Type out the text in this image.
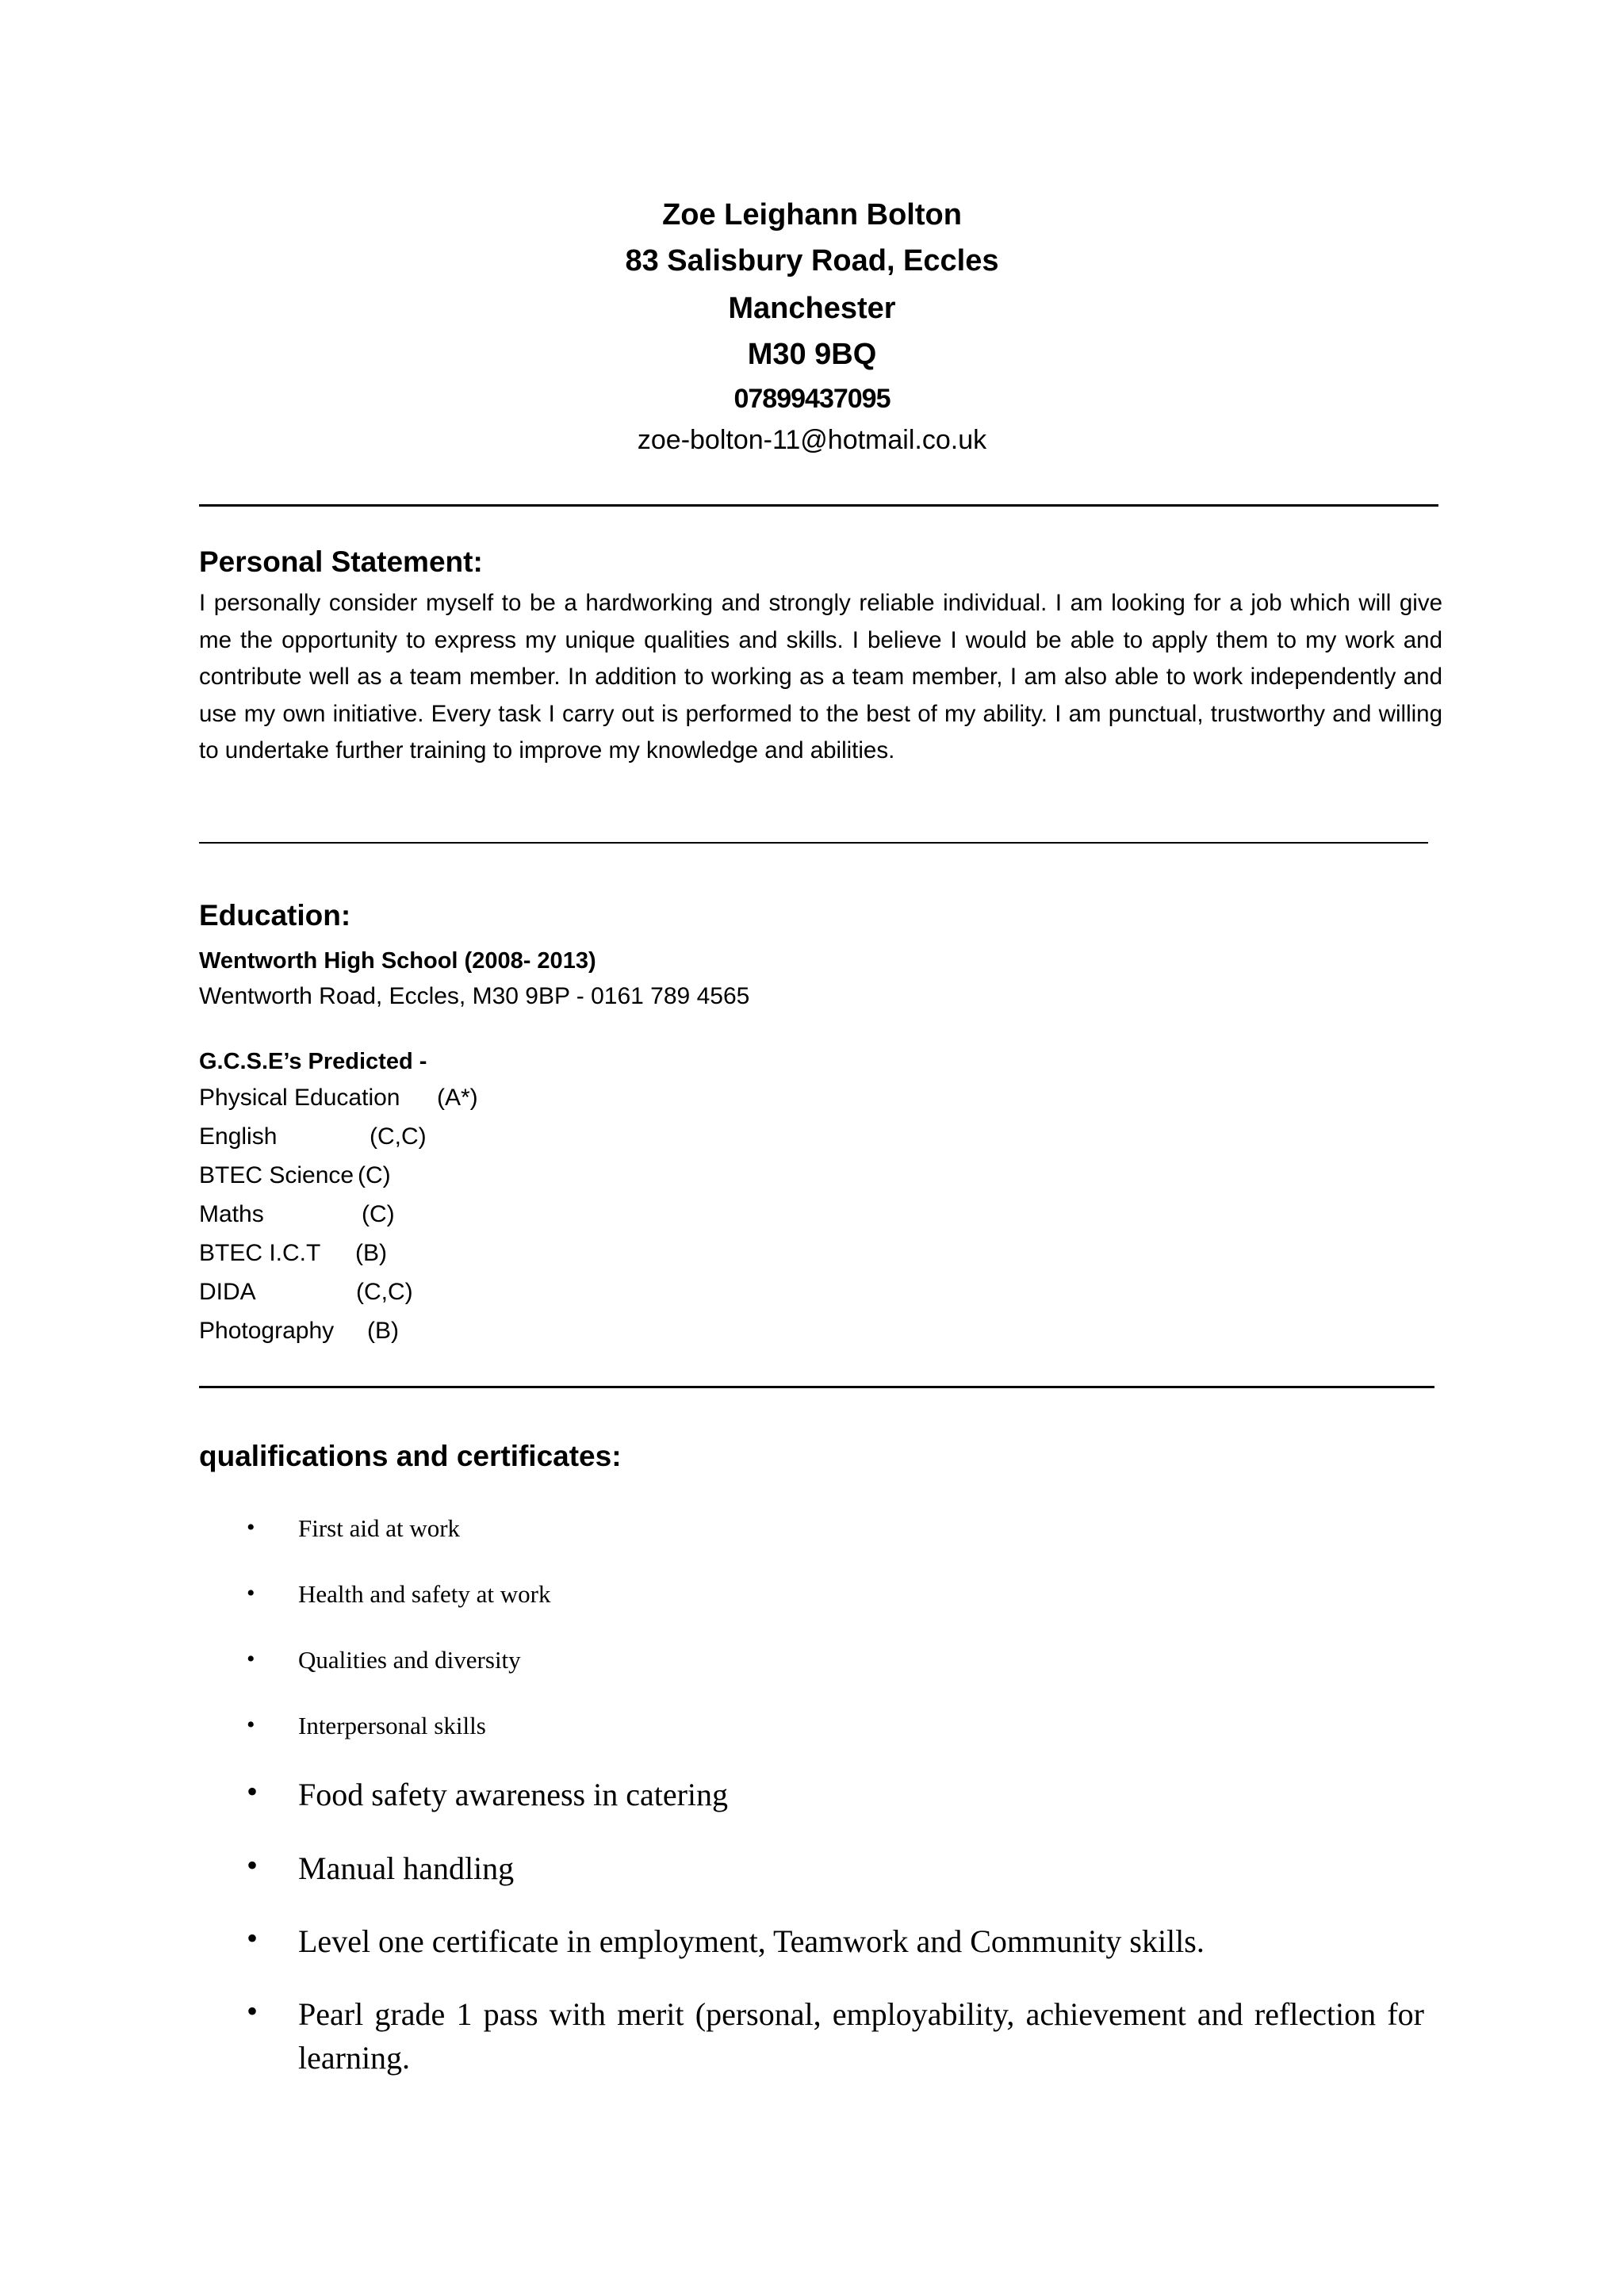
Zoe Leighann Bolton
83 Salisbury Road, Eccles
Manchester
M30 9BQ
07899437095
zoe-bolton-11@hotmail.co.uk
Personal Statement:

I personally consider myself to be a hardworking and strongly reliable individual. I am looking for a job which will give me the opportunity to express my unique qualities and skills. I believe I would be able to apply them to my work and contribute well as a team member. In addition to working as a team member, I am also able to work independently and use my own initiative. Every task I carry out is performed to the best of my ability. I am punctual, trustworthy and willing to undertake further training to improve my knowledge and abilities.

Education:
Wentworth High School (2008- 2013)
Wentworth Road, Eccles, M30 9BP - 0161 789 4565
G.C.S.E’s Predicted -
Physical Education (A*)
English	(C,C)
BTEC Science (C)
Maths	(C)
BTEC I.C.T (B)
DIDA	(C,C)
Photography (B)
qualifications and certificates:
• First aid at work
• Health and safety at work
• Qualities and diversity
• Interpersonal skills
• Food safety awareness in catering
• Manual handling
• Level one certificate in employment, Teamwork and Community skills.
• Pearl grade 1 pass with merit (personal, employability, achievement and reflection for learning.
